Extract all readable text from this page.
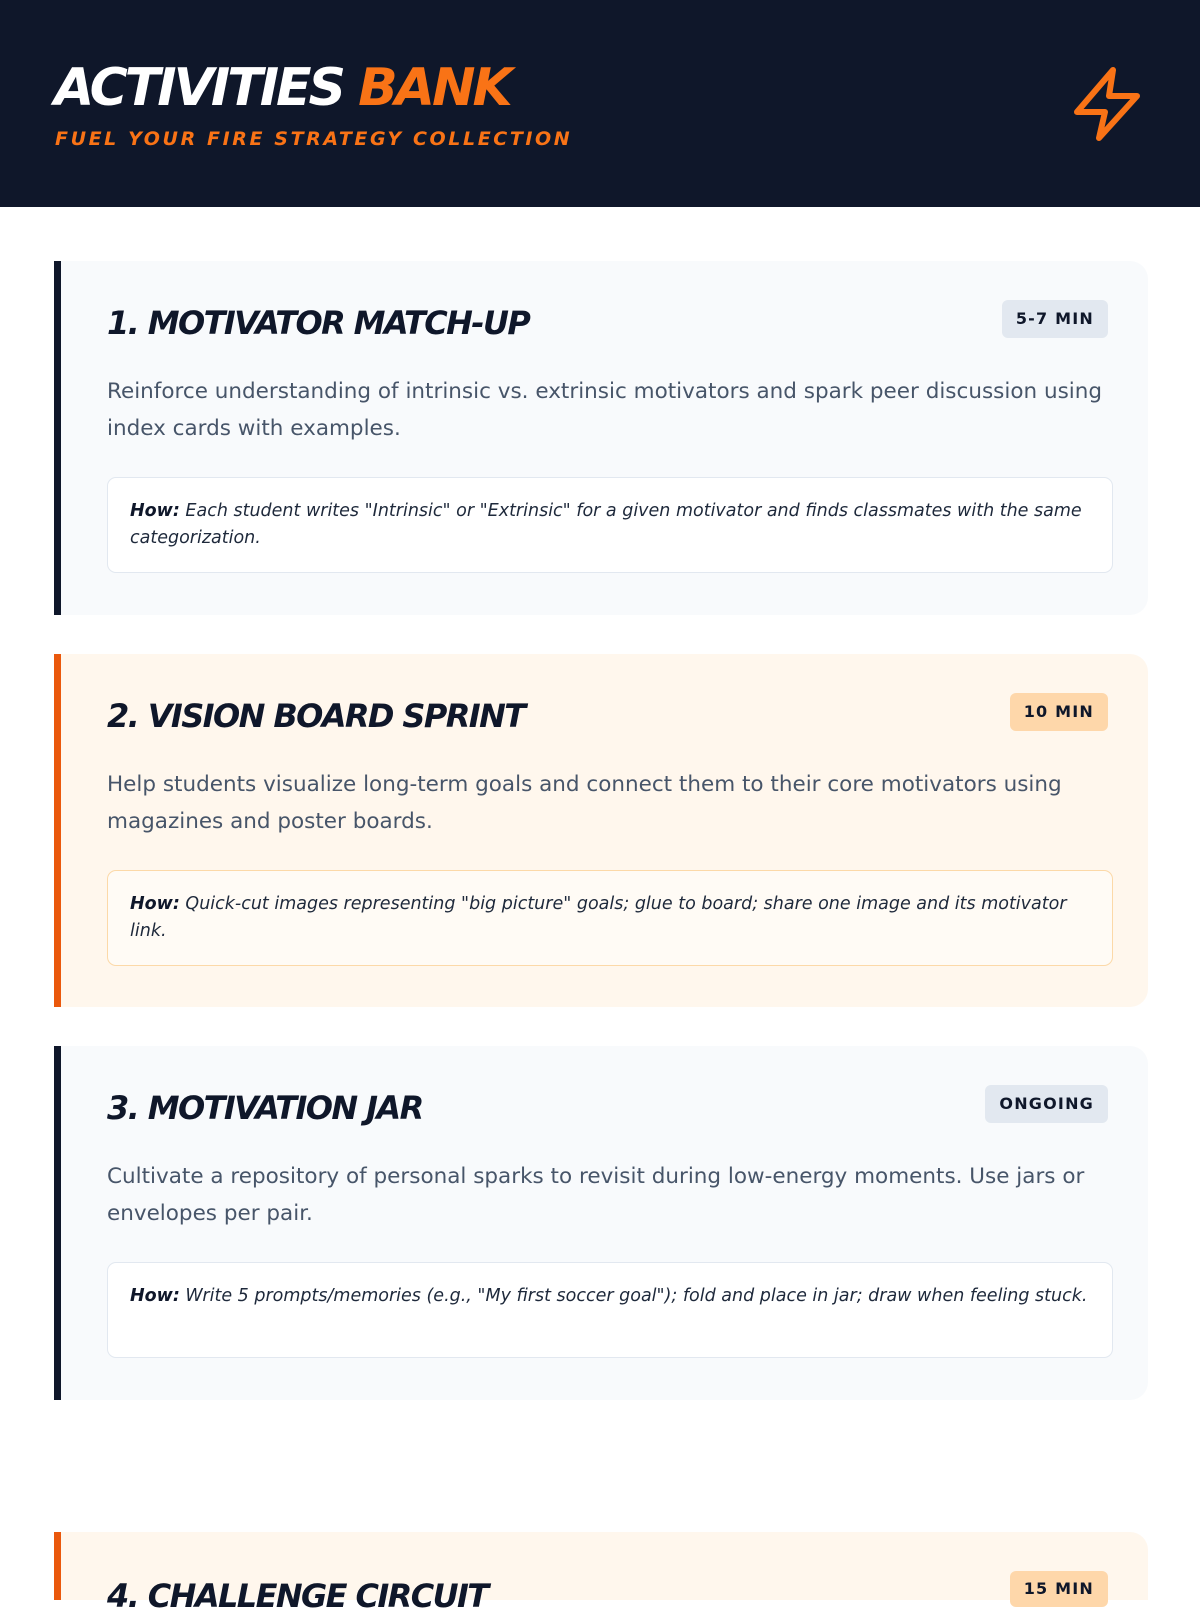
ACTIVITIES BANK
FUEL YOUR FIRE STRATEGY COLLECTION
1. MOTIVATOR MATCH-UP	5-7 MIN
Reinforce understanding of intrinsic vs. extrinsic motivators and spark peer discussion using index cards with examples.
How: Each student writes "Intrinsic" or "Extrinsic" for a given motivator and finds classmates with the same categorization.
2. VISION BOARD SPRINT	10 MIN
Help students visualize long-term goals and connect them to their core motivators using magazines and poster boards.
How: Quick-cut images representing "big picture" goals; glue to board; share one image and its motivator link.
3. MOTIVATION JAR	ONGOING
Cultivate a repository of personal sparks to revisit during low-energy moments. Use jars or envelopes per pair.
How: Write 5 prompts/memories (e.g., "My first soccer goal"); fold and place in jar; draw when feeling stuck.
4. CHALLENGE CIRCUIT	15 MIN
